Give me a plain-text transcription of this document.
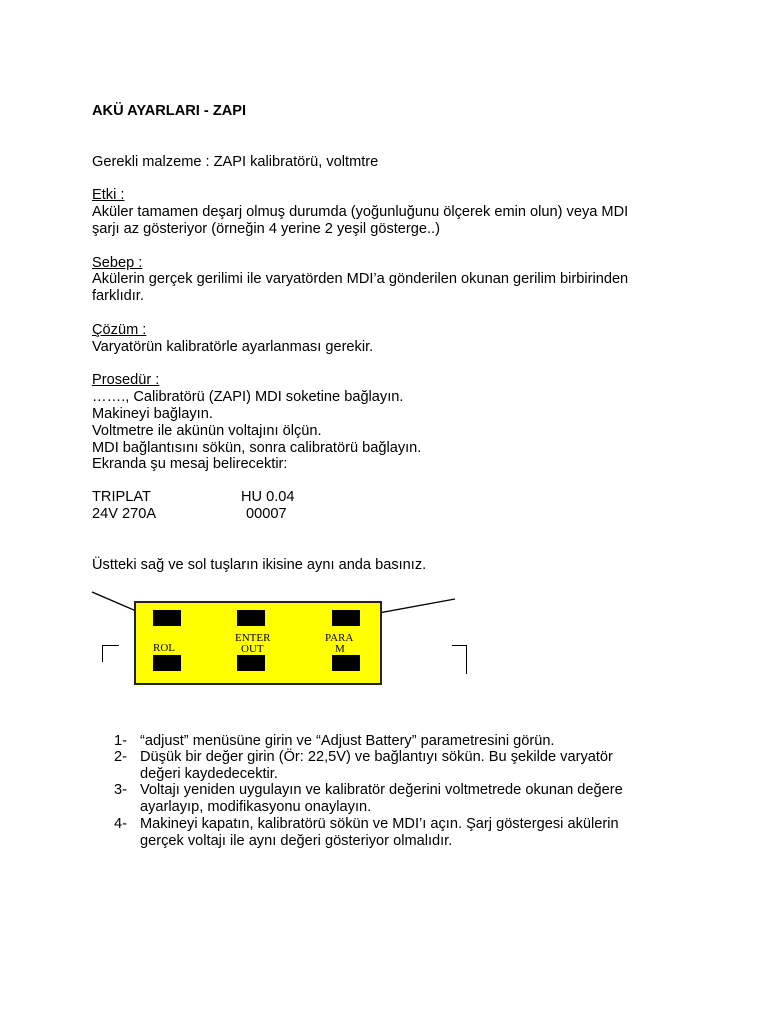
AKÜ AYARLARI - ZAPI
Gerekli malzeme : ZAPI kalibratörü, voltmtre
Etki :
Aküler tamamen deşarj olmuş durumda (yoğunluğunu ölçerek emin olun) veya MDI
şarjı az gösteriyor (örneğin 4 yerine 2 yeşil gösterge..)
Sebep :
Akülerin gerçek gerilimi ile varyatörden MDI’a gönderilen okunan gerilim birbirinden
farklıdır.
Çözüm :
Varyatörün kalibratörle ayarlanması gerekir.
Prosedür :
……., Calibratörü (ZAPI) MDI soketine bağlayın.
Makineyi bağlayın.
Voltmetre ile akünün voltajını ölçün.
MDI bağlantısını sökün, sonra calibratörü bağlayın.
Ekranda şu mesaj belirecektir:
TRIPLAT	HU 0.04
24V 270A	00007
Üstteki sağ ve sol tuşların ikisine aynı anda basınız.
ROL
ENTER
OUT
PARA
M
1- “adjust” menüsüne girin ve “Adjust Battery” parametresini görün.
2- Düşük bir değer girin (Ör: 22,5V) ve bağlantıyı sökün. Bu şekilde varyatör
değeri kaydedecektir.
3- Voltajı yeniden uygulayın ve kalibratör değerini voltmetrede okunan değere
ayarlayıp, modifikasyonu onaylayın.
4- Makineyi kapatın, kalibratörü sökün ve MDI’ı açın. Şarj göstergesi akülerin
gerçek voltajı ile aynı değeri gösteriyor olmalıdır.
